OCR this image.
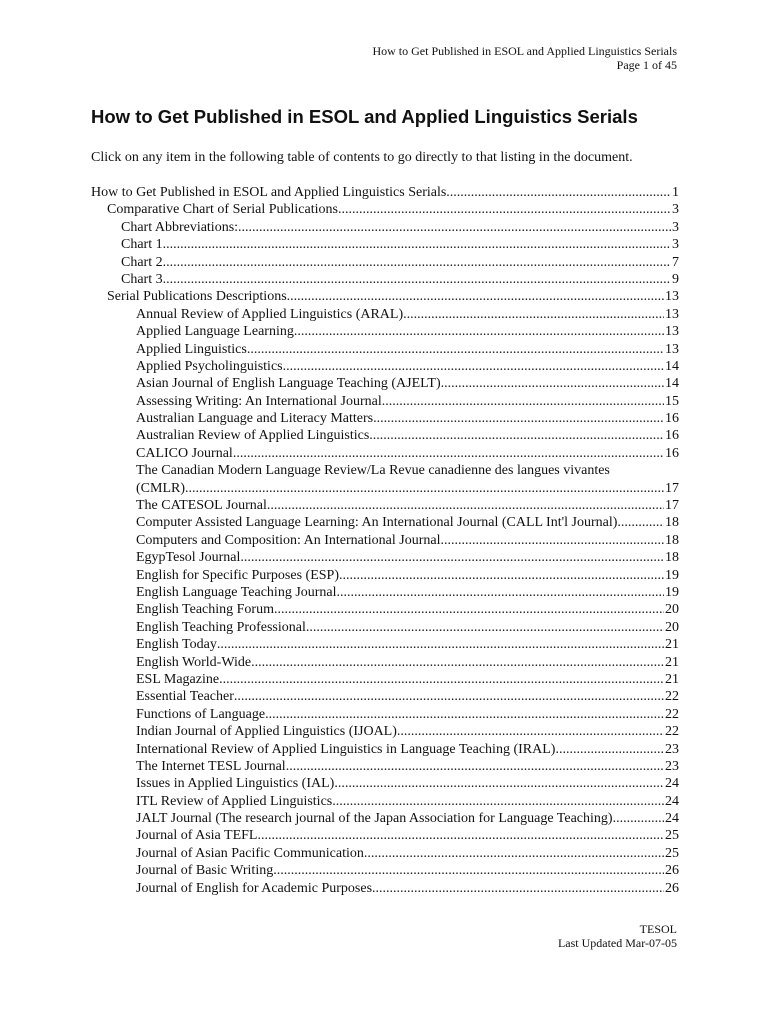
How to Get Published in ESOL and Applied Linguistics Serials
Page 1 of 45
How to Get Published in ESOL and Applied Linguistics Serials

Click on any item in the following table of contents to go directly to that listing in the document.

How to Get Published in ESOL and Applied Linguistics Serials .....	1
Comparative Chart of Serial Publications .....	3
Chart Abbreviations: .....	3
Chart 1 .....	3
Chart 2 .....	7
Chart 3 .....	9
Serial Publications Descriptions .....	13
Annual Review of Applied Linguistics (ARAL) .....	13
Applied Language Learning .....	13
Applied Linguistics .....	13
Applied Psycholinguistics .....	14
Asian Journal of English Language Teaching (AJELT) .....	14
Assessing Writing: An International Journal .....	15
Australian Language and Literacy Matters .....	16
Australian Review of Applied Linguistics .....	16
CALICO Journal .....	16
The Canadian Modern Language Review/La Revue canadienne des langues vivantes
(CMLR) .....	17
The CATESOL Journal .....	17
Computer Assisted Language Learning: An International Journal (CALL Int'l Journal) .....	18
Computers and Composition: An International Journal .....	18
EgypTesol Journal .....	18
English for Specific Purposes (ESP) .....	19
English Language Teaching Journal .....	19
English Teaching Forum .....	20
English Teaching Professional .....	20
English Today .....	21
English World-Wide .....	21
ESL Magazine .....	21
Essential Teacher .....	22
Functions of Language .....	22
Indian Journal of Applied Linguistics (IJOAL) .....	22
International Review of Applied Linguistics in Language Teaching (IRAL) .....	23
The Internet TESL Journal .....	23
Issues in Applied Linguistics (IAL) .....	24
ITL Review of Applied Linguistics .....	24
JALT Journal (The research journal of the Japan Association for Language Teaching) .....	24
Journal of Asia TEFL .....	25
Journal of Asian Pacific Communication .....	25
Journal of Basic Writing .....	26
Journal of English for Academic Purposes .....	26
TESOL
Last Updated Mar-07-05
